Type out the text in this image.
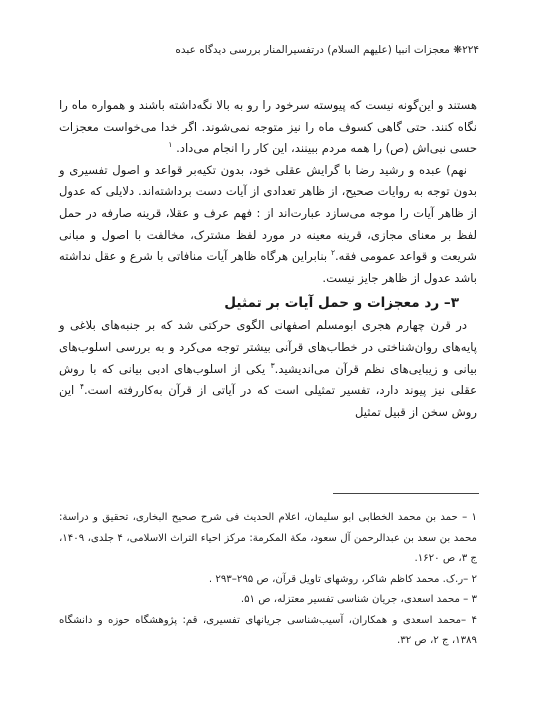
۲۲۴❋ معجزات انبیا (علیهم السلام) درتفسیرالمنار بررسی دیدگاه عبده

هستند و این‌گونه نیست که پیوسته سرخود را رو به بالا نگه‌داشته باشند و همواره ماه را نگاه کنند. حتی گاهی کسوف ماه را نیز متوجه نمی‌شوند. اگر خدا می‌خواست معجزات حسی نبی‌اش (ص) را همه مردم ببینند، این کار را انجام می‌داد. $^۱$

نهم) عبده و رشید رضا با گرایش عقلی خود، بدون تکیه‌بر قواعد و اصول تفسیری و بدون توجه به روایات صحیح، از ظاهر تعدادی از آیات دست برداشته‌اند. دلایلی که عدول از ظاهر آیات را موجه می‌سازد عبارت‌اند از : فهم عرف و عقلا، قرینه صارفه در حمل لفظ بر معنای مجازی، قرینه معینه در مورد لفظ مشترک، مخالفت با اصول و مبانی شریعت و قواعد عمومی فقه.$^۲$ بنابراین هرگاه ظاهر آیات منافاتی با شرع و عقل نداشته باشد عدول از ظاهر جایز نیست.

۳– رد معجزات و حمل آیات بر تمثیل

در قرن چهارم هجری ابومسلم اصفهانی الگوی حرکتی شد که بر جنبه‌های بلاغی و پایه‌های روان‌شناختی در خطاب‌های قرآنی بیشتر توجه می‌کرد و به بررسی اسلوب‌های بیانی و زیبایی‌های نظم قرآن می‌اندیشید.$^۳$ یکی از اسلوب‌های ادبی بیانی که با روش عقلی نیز پیوند دارد، تفسیر تمثیلی است که در آیاتی از قرآن به‌کاررفته است.$^۴$ این روش سخن از قبیل تمثیل

۱ – حمد بن محمد الخطابی ابو سلیمان، اعلام الحدیث فی شرح صحیح البخاری، تحقیق و دراسة: محمد بن سعد بن عبدالرحمن آل سعود، مكة المكرمة: مركز احياء التراث الاسلامى، ۴ جلدی، ۱۴۰۹، ج ۳، ص ۱۶۲۰.

۲ –ر.ک. محمد کاظم شاکر، روشهای تاویل قرآن، ص ۲۹۵–۲۹۳ .

۳ – محمد اسعدی، جریان شناسی تفسیر معتزله، ص ۵۱.

۴ –محمد اسعدی و همکاران، آسیب‌شناسی جریانهای تفسیری، قم: پژوهشگاه حوزه و دانشگاه ۱۳۸۹، ج ۲، ص ۳۲.
